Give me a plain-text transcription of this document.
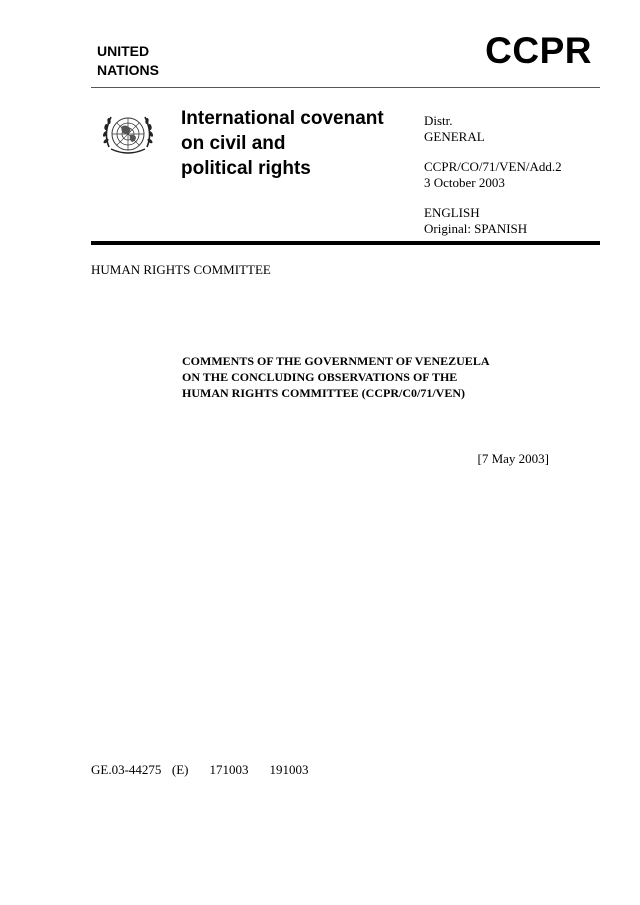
UNITED
NATIONS	CCPR
International covenant
on civil and
political rights
Distr.
GENERAL
CCPR/CO/71/VEN/Add.2
3 October 2003
ENGLISH
Original: SPANISH
HUMAN RIGHTS COMMITTEE
COMMENTS OF THE GOVERNMENT OF VENEZUELA
ON THE CONCLUDING OBSERVATIONS OF THE
HUMAN RIGHTS COMMITTEE (CCPR/C0/71/VEN)
[7 May 2003]
GE.03-44275  (E)    171003    191003
